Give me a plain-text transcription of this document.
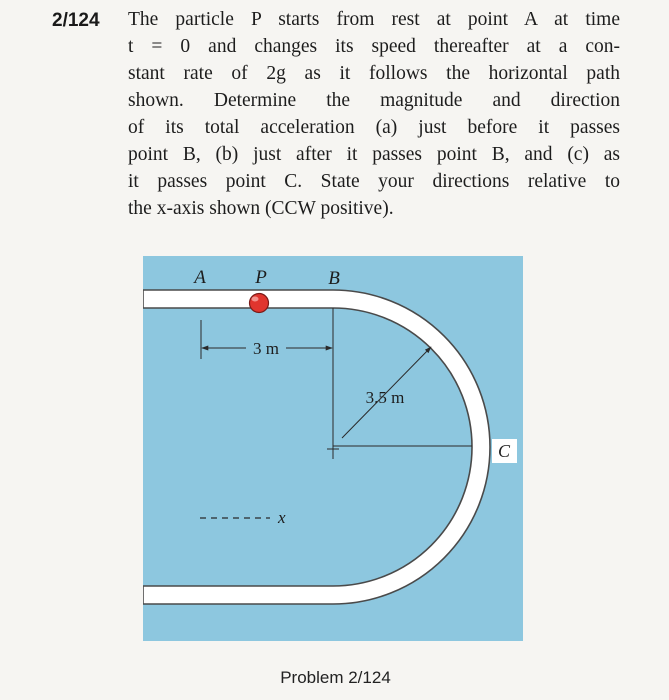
2/124 The particle P starts from rest at point A at time
t = 0 and changes its speed thereafter at a con-
stant rate of 2g as it follows the horizontal path
shown. Determine the magnitude and direction
of its total acceleration (a) just before it passes
point B, (b) just after it passes point B, and (c) as
it passes point C. State your directions relative to
the x-axis shown (CCW positive).
3 m
3.5 m
x
A	P	B
C
Problem 2/124
